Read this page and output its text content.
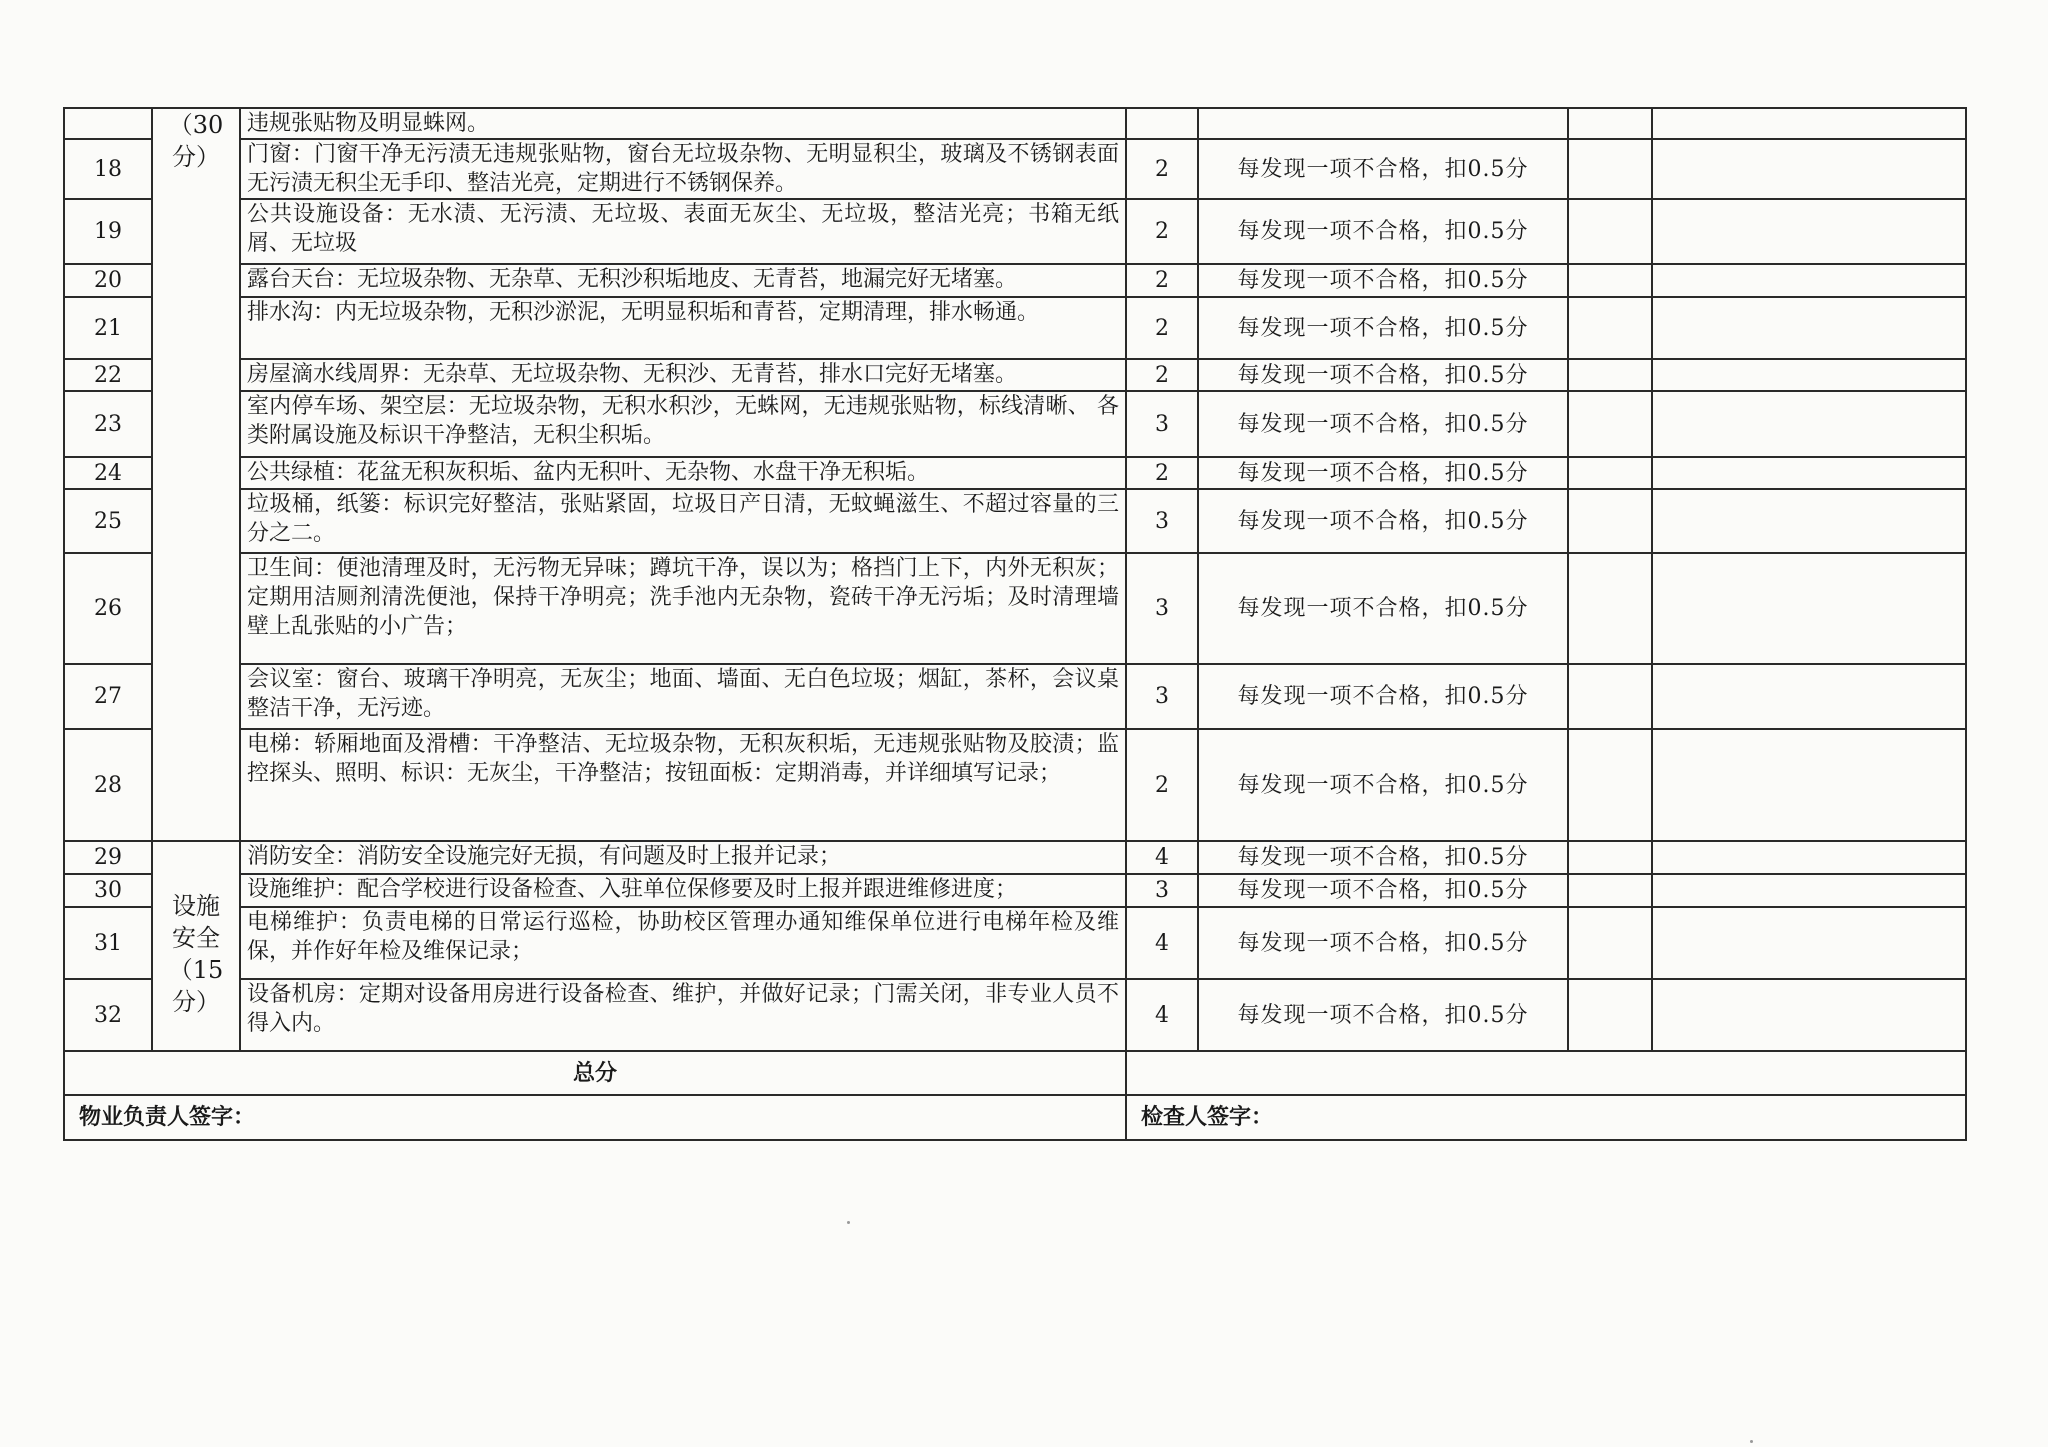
	（30分）	违规张贴物及明显蛛网。				
18		门窗：门窗干净无污渍无违规张贴物，窗台无垃圾杂物、无明显积尘，玻璃及不锈钢表面无污渍无积尘无手印、整洁光亮，定期进行不锈钢保养。	2	每发现一项不合格，扣0.5分		
19		公共设施设备：无水渍、无污渍、无垃圾、表面无灰尘、无垃圾，整洁光亮；书箱无纸屑、无垃圾	2	每发现一项不合格，扣0.5分		
20		露台天台：无垃圾杂物、无杂草、无积沙积垢地皮、无青苔，地漏完好无堵塞。	2	每发现一项不合格，扣0.5分		
21		排水沟：内无垃圾杂物，无积沙淤泥，无明显积垢和青苔，定期清理，排水畅通。	2	每发现一项不合格，扣0.5分		
22		房屋滴水线周界：无杂草、无垃圾杂物、无积沙、无青苔，排水口完好无堵塞。	2	每发现一项不合格，扣0.5分		
23		室内停车场、架空层：无垃圾杂物，无积水积沙，无蛛网，无违规张贴物，标线清晰、 各类附属设施及标识干净整洁，无积尘积垢。	3	每发现一项不合格，扣0.5分		
24		公共绿植：花盆无积灰积垢、盆内无积叶、无杂物、水盘干净无积垢。	2	每发现一项不合格，扣0.5分		
25		垃圾桶，纸篓：标识完好整洁，张贴紧固，垃圾日产日清，无蚊蝇滋生、不超过容量的三分之二。	3	每发现一项不合格，扣0.5分		
26		卫生间：便池清理及时，无污物无异味；蹲坑干净，误以为；格挡门上下，内外无积灰；定期用洁厕剂清洗便池，保持干净明亮；洗手池内无杂物，瓷砖干净无污垢；及时清理墙壁上乱张贴的小广告；	3	每发现一项不合格，扣0.5分		
27		会议室：窗台、玻璃干净明亮，无灰尘；地面、墙面、无白色垃圾；烟缸，茶杯，会议桌整洁干净，无污迹。	3	每发现一项不合格，扣0.5分		
28		电梯：轿厢地面及滑槽：干净整洁、无垃圾杂物，无积灰积垢，无违规张贴物及胶渍；监控探头、照明、标识：无灰尘，干净整洁；按钮面板：定期消毒，并详细填写记录；	2	每发现一项不合格，扣0.5分		
29	设施安全（15分）	消防安全：消防安全设施完好无损，有问题及时上报并记录；	4	每发现一项不合格，扣0.5分		
30		设施维护：配合学校进行设备检查、入驻单位保修要及时上报并跟进维修进度；	3	每发现一项不合格，扣0.5分		
31		电梯维护：负责电梯的日常运行巡检，协助校区管理办通知维保单位进行电梯年检及维保，并作好年检及维保记录；	4	每发现一项不合格，扣0.5分		
32		设备机房：定期对设备用房进行设备检查、维护，并做好记录；门需关闭，非专业人员不得入内。	4	每发现一项不合格，扣0.5分		
总分						
物业负责人签字：			检查人签字：			
